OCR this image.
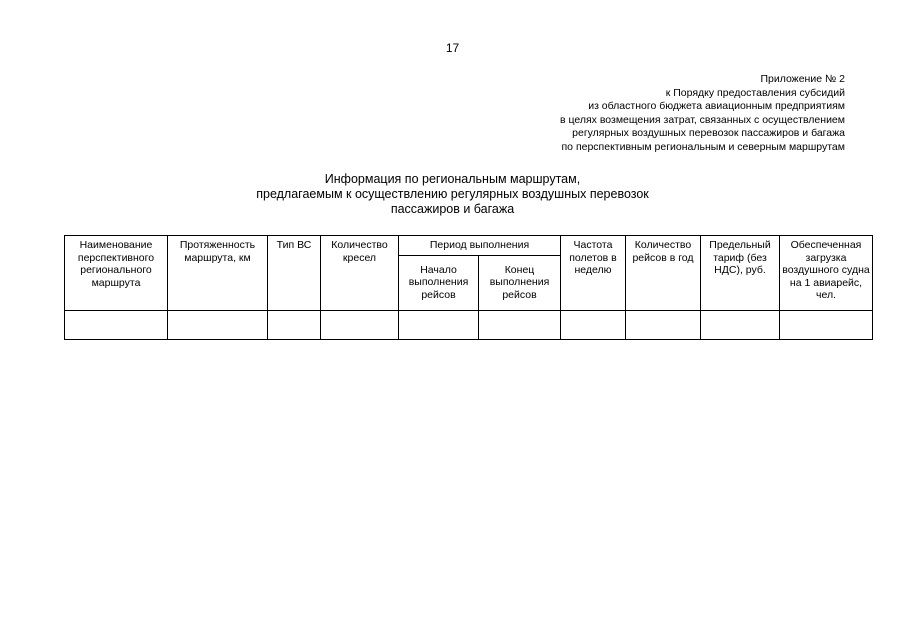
17
Приложение № 2
к Порядку предоставления субсидий
из областного бюджета авиационным предприятиям
в целях возмещения затрат, связанных с осуществлением
регулярных воздушных перевозок пассажиров и багажа
по перспективным региональным и северным маршрутам
Информация по региональным маршрутам,
предлагаемым к осуществлению регулярных воздушных перевозок
пассажиров и багажа
Наименование перспективного регионального маршрута	Протяженность маршрута, км	Тип ВС	Количество кресел	Период выполнения		Частота полетов в неделю	Количество рейсов в год	Предельный тариф (без НДС), руб.	Обеспеченная загрузка воздушного судна на 1 авиарейс, чел.
				Начало выполнения рейсов	Конец выполнения рейсов				
